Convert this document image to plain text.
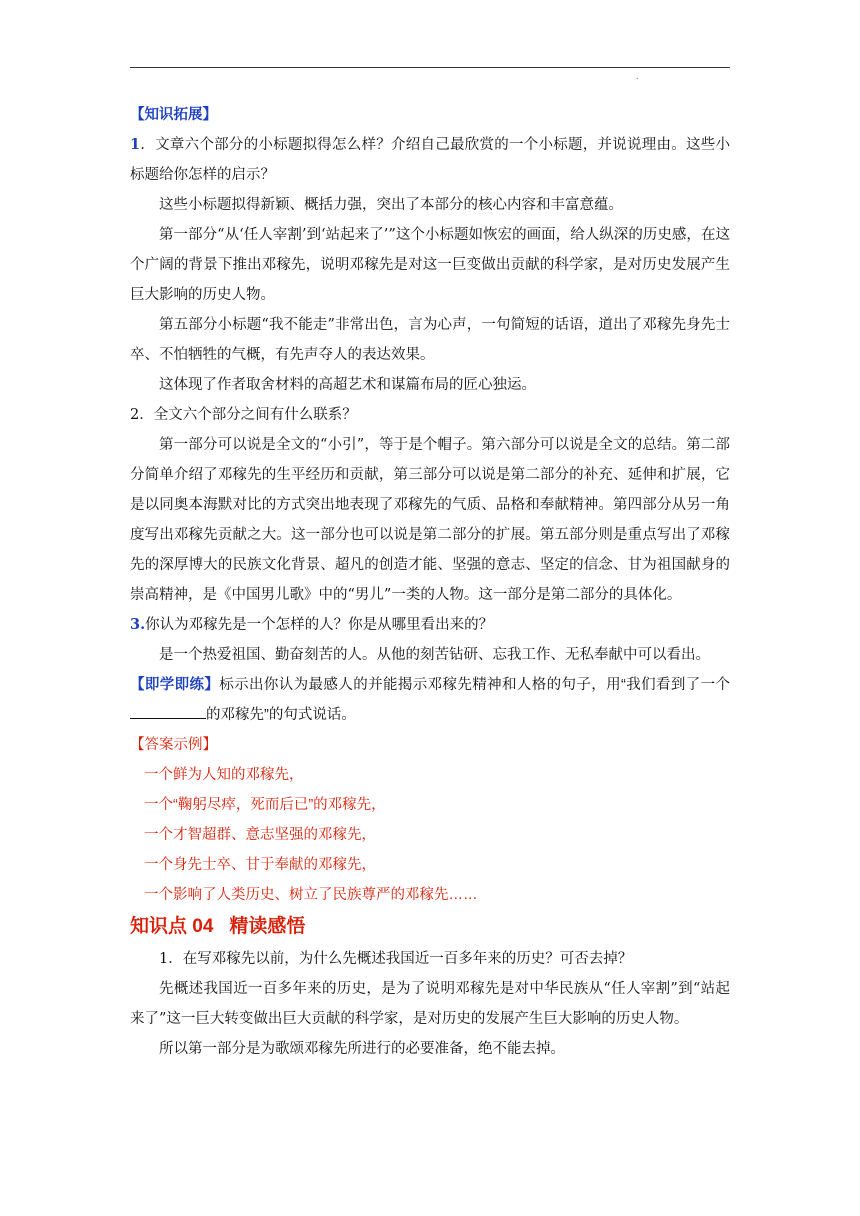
.

【知识拓展】

1．文章六个部分的小标题拟得怎么样？介绍自己最欣赏的一个小标题，并说说理由。这些小标题给你怎样的启示？

这些小标题拟得新颖、概括力强，突出了本部分的核心内容和丰富意蕴。

第一部分“从‘任人宰割’到‘站起来了’”这个小标题如恢宏的画面，给人纵深的历史感，在这个广阔的背景下推出邓稼先，说明邓稼先是对这一巨变做出贡献的科学家，是对历史发展产生巨大影响的历史人物。

第五部分小标题“我不能走”非常出色，言为心声，一句简短的话语，道出了邓稼先身先士卒、不怕牺牲的气概，有先声夺人的表达效果。

这体现了作者取舍材料的高超艺术和谋篇布局的匠心独运。

2．全文六个部分之间有什么联系？

第一部分可以说是全文的“小引”，等于是个帽子。第六部分可以说是全文的总结。第二部分简单介绍了邓稼先的生平经历和贡献，第三部分可以说是第二部分的补充、延伸和扩展，它是以同奥本海默对比的方式突出地表现了邓稼先的气质、品格和奉献精神。第四部分从另一角度写出邓稼先贡献之大。这一部分也可以说是第二部分的扩展。第五部分则是重点写出了邓稼先的深厚博大的民族文化背景、超凡的创造才能、坚强的意志、坚定的信念、甘为祖国献身的崇高精神，是《中国男儿歌》中的“男儿”一类的人物。这一部分是第二部分的具体化。

3.你认为邓稼先是一个怎样的人？你是从哪里看出来的？

是一个热爱祖国、勤奋刻苦的人。从他的刻苦钻研、忘我工作、无私奉献中可以看出。

【即学即练】标示出你认为最感人的并能揭示邓稼先精神和人格的句子，用“我们看到了一个的邓稼先”的句式说话。

【答案示例】

一个鲜为人知的邓稼先，

一个“鞠躬尽瘁，死而后已”的邓稼先，

一个才智超群、意志坚强的邓稼先，

一个身先士卒、甘于奉献的邓稼先，

一个影响了人类历史、树立了民族尊严的邓稼先……

知识点 04 精读感悟

1．在写邓稼先以前，为什么先概述我国近一百多年来的历史？可否去掉？

先概述我国近一百多年来的历史，是为了说明邓稼先是对中华民族从“任人宰割”到“站起来了”这一巨大转变做出巨大贡献的科学家，是对历史的发展产生巨大影响的历史人物。

所以第一部分是为歌颂邓稼先所进行的必要准备，绝不能去掉。
